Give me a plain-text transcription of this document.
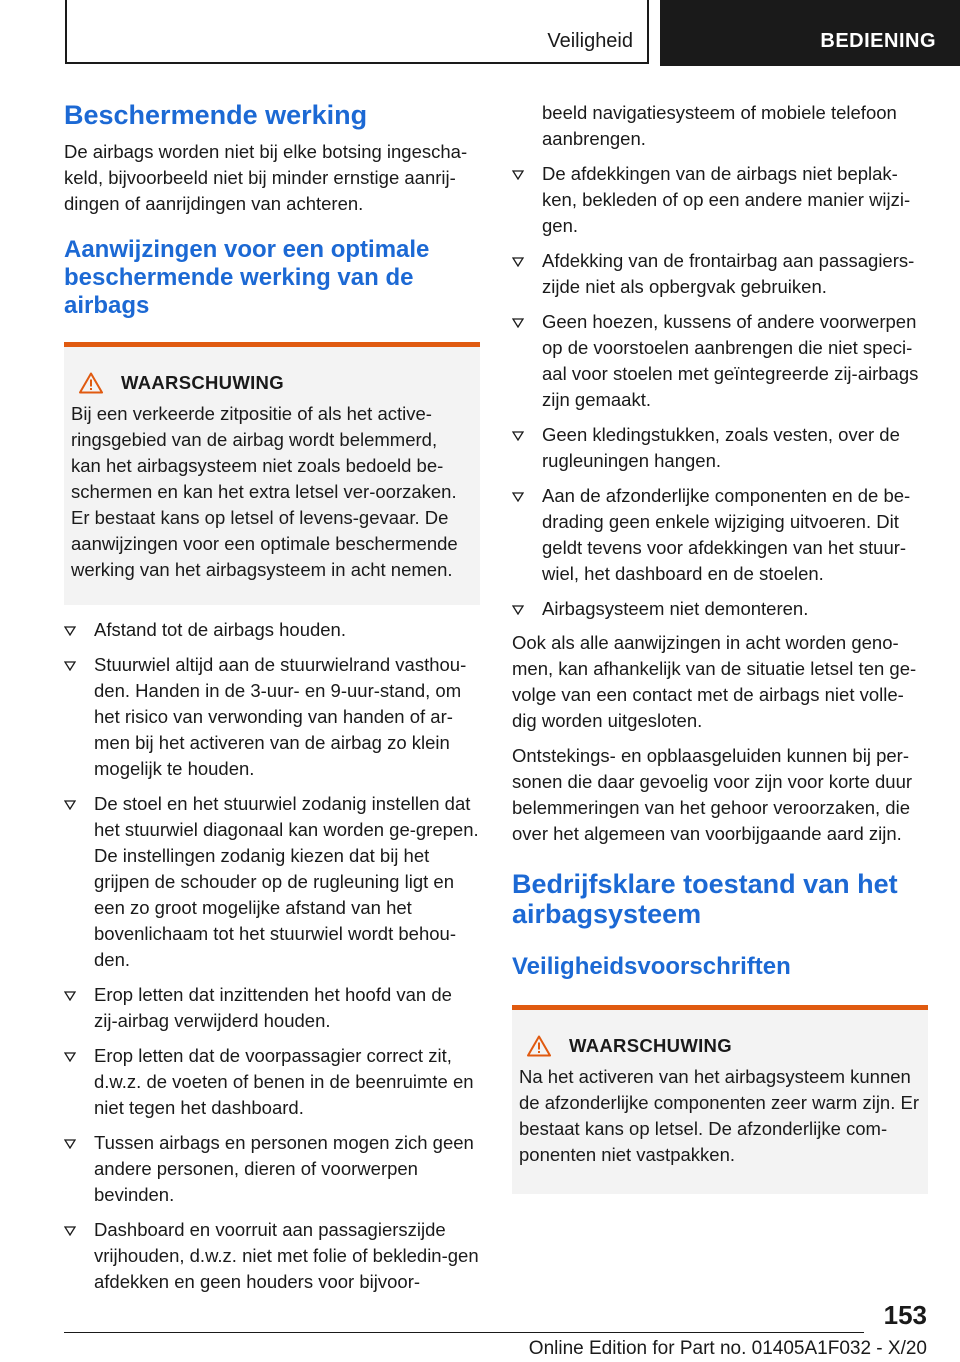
Veiligheid	BEDIENING
Beschermende werking

De airbags worden niet bij elke botsing ingescha-keld, bijvoorbeeld niet bij minder ernstige aanrij-dingen of aanrijdingen van achteren.

Aanwijzingen voor een optimale beschermende werking van de airbags
WAARSCHUWING

Bij een verkeerde zitpositie of als het active-ringsgebied van de airbag wordt belemmerd, kan het airbagsysteem niet zoals bedoeld be-schermen en kan het extra letsel ver-oorzaken. Er bestaat kans op letsel of levens-gevaar. De aanwijzingen voor een optimale beschermende werking van het airbagsysteem in acht nemen.

Afstand tot de airbags houden.
Stuurwiel altijd aan de stuurwielrand vasthou-den. Handen in de 3-uur- en 9-uur-stand, om het risico van verwonding van handen of ar-men bij het activeren van de airbag zo klein mogelijk te houden.
De stoel en het stuurwiel zodanig instellen dat het stuurwiel diagonaal kan worden ge-grepen. De instellingen zodanig kiezen dat bij het grijpen de schouder op de rugleuning ligt en een zo groot mogelijke afstand van het bovenlichaam tot het stuurwiel wordt behou-den.
Erop letten dat inzittenden het hoofd van de zij-airbag verwijderd houden.
Erop letten dat de voorpassagier correct zit, d.w.z. de voeten of benen in de beenruimte en niet tegen het dashboard.
Tussen airbags en personen mogen zich geen andere personen, dieren of voorwerpen bevinden.
Dashboard en voorruit aan passagierszijde vrijhouden, d.w.z. niet met folie of bekledin-gen afdekken en geen houders voor bijvoor-

beeld navigatiesysteem of mobiele telefoon aanbrengen.

De afdekkingen van de airbags niet beplak-ken, bekleden of op een andere manier wijzi-gen.
Afdekking van de frontairbag aan passagiers-zijde niet als opbergvak gebruiken.
Geen hoezen, kussens of andere voorwerpen op de voorstoelen aanbrengen die niet speci-aal voor stoelen met geïntegreerde zij-airbags zijn gemaakt.
Geen kledingstukken, zoals vesten, over de rugleuningen hangen.
Aan de afzonderlijke componenten en de be-drading geen enkele wijziging uitvoeren. Dit geldt tevens voor afdekkingen van het stuur-wiel, het dashboard en de stoelen.
Airbagsysteem niet demonteren.

Ook als alle aanwijzingen in acht worden geno-men, kan afhankelijk van de situatie letsel ten ge-volge van een contact met de airbags niet volle-dig worden uitgesloten.

Ontstekings- en opblaasgeluiden kunnen bij per-sonen die daar gevoelig voor zijn voor korte duur belemmeringen van het gehoor veroorzaken, die over het algemeen van voorbijgaande aard zijn.

Bedrijfsklare toestand van het airbagsysteem
Veiligheidsvoorschriften
WAARSCHUWING

Na het activeren van het airbagsysteem kunnen de afzonderlijke componenten zeer warm zijn. Er bestaat kans op letsel. De afzonderlijke com-ponenten niet vastpakken.

153
Online Edition for Part no. 01405A1F032 - X/20
